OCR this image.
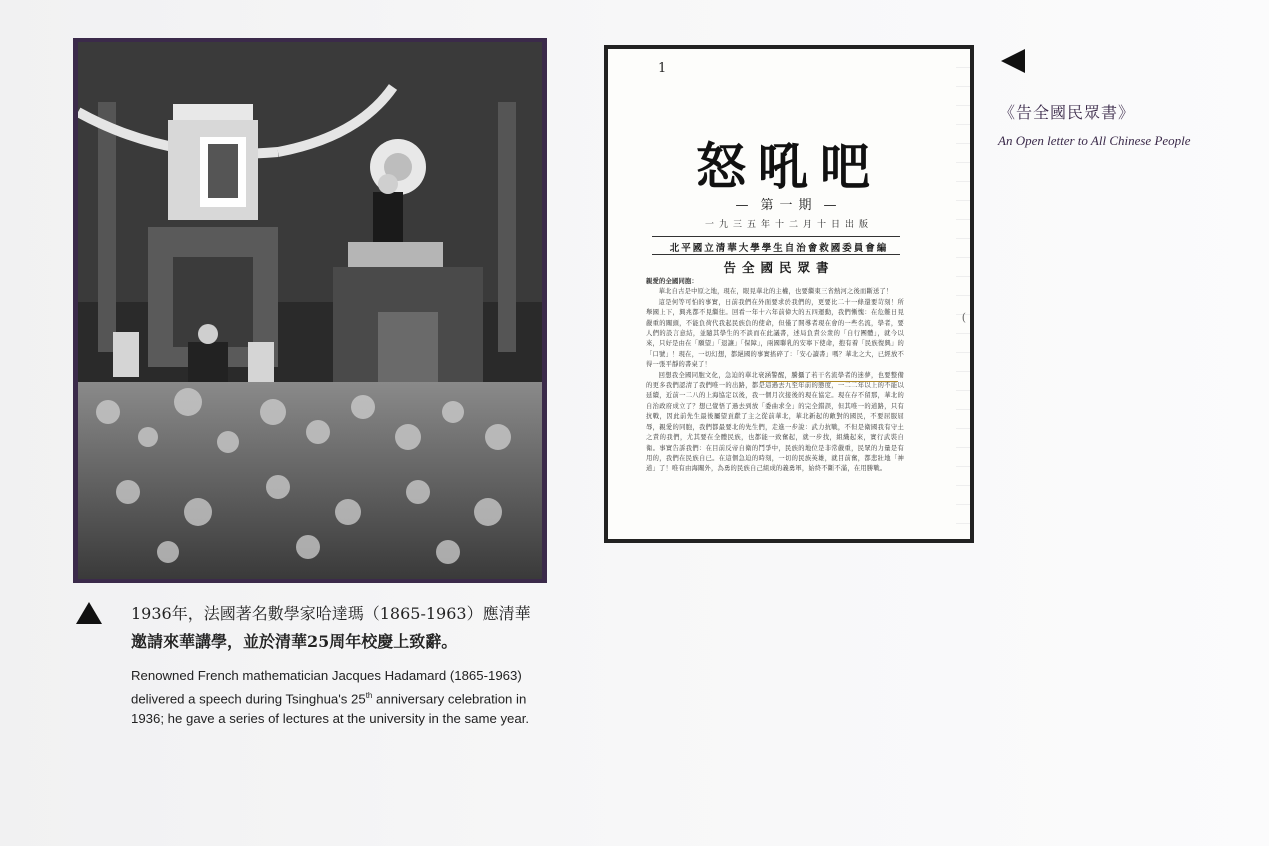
1
怒吼吧
— 第一期 —
一九三五年十二月十日出版
北平國立清華大學學生自治會救國委員會編
告全國民眾書

親愛的全國同胞：

華北自古是中原之地，現在，眼見華北的主權，也要繼東三省熱河之後而斷送了！

這是何等可怕的事實，日前我們在外面要求於我們的，更要比二十一條還要苛刻！所舉國上下，興兆都不見繼往。回看一年十六年前偉大的五四運動，我們慚愧：在危難日見嚴重的關頭，不能負荷代我起民族負的使命，但僅了開導者現在會的一些名流，學者，要人們的設言意結，並隨其學生的不談而在此議書，述局負責公衆的「自行團體」，就今以來，只好是由在「願望」「退讓」「保障」，兩國聯乳的安寧下使命，抱有着「民族復興」的「口號」！現在，一切幻想，都絕國的事實搖碎了：「安心讀書」嗎？華北之大，已經放不得一張平靜的書桌了！

回想我全國同胞文化，急迫的華北衰涵警醒，騰攝了若干名流學者的迷夢，也要整備的更多我們認清了我們唯一的出路，都是這過去九至年前的態度，一二二年以上的不能以延續，近前一二八的上海協定以後，我一個月次接後的現在協定。現在存不留那，華北的自治政府成立了？想已覺悟了過去到放「委曲求全」的完全錯誤，但其唯一的道路，只有抗戰，因此前先生最後屬望貢獻了主之從前華北，華北新起的敵對的國民，不要屈服屈辱，親愛的同胞，我們都最要北的先生們，走進一步說：武力抗戰，不但是衛國我有守土之責的我們，尤其要在全體民族，也都能一致奮起，就一步找，組織起來，實行武裝自衛。事實告訴我們：在目前反帝自衛的鬥爭中，民族的地位是非常嚴重，民眾的力量是有用的，我們在民族自已。在這個急迫的時刻，一切的民族英雄，就目前奮，都悲壯地「神道」了！唯有由海關外，為勇的民族自己組成的義勇軍，始終不斷不滿，在用勝戰。

(
《告全國民眾書》
An Open letter to All Chinese People
1936年，法國著名數學家哈達瑪（1865-1963）應清華
邀請來華講學，並於清華25周年校慶上致辭。
Renowned French mathematician Jacques Hadamard (1865-1963) delivered a speech during Tsinghua's 25th anniversary celebration in 1936; he gave a series of lectures at the university in the same year.
